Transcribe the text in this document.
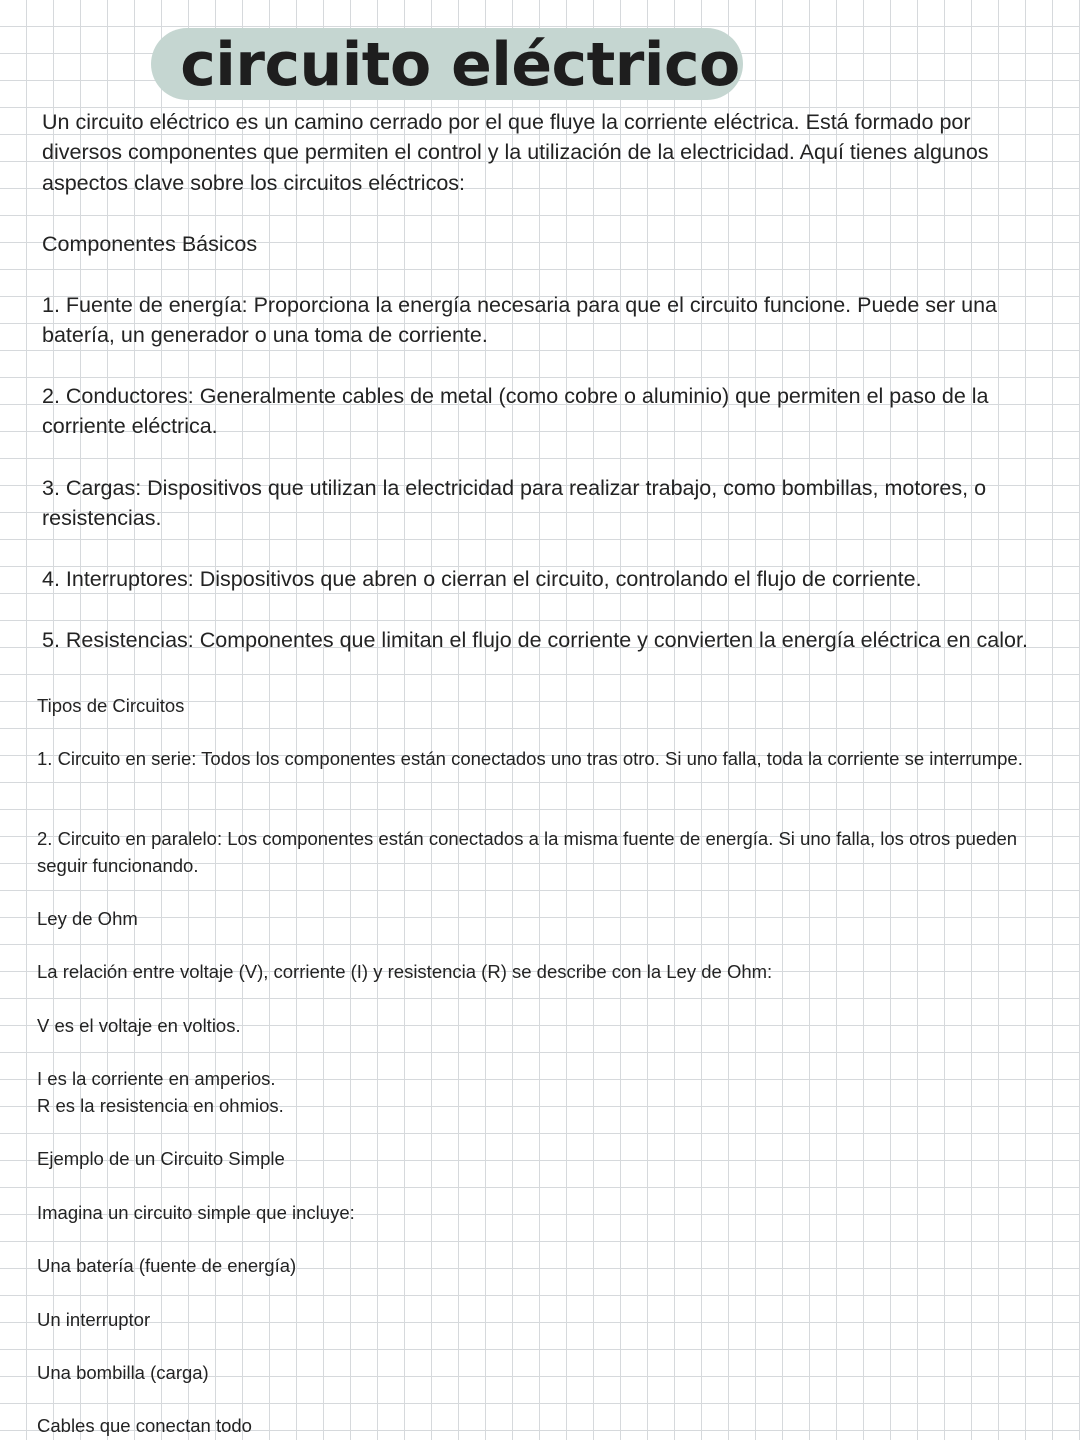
circuito eléctrico

Un circuito eléctrico es un camino cerrado por el que fluye la corriente eléctrica. Está formado por diversos componentes que permiten el control y la utilización de la electricidad. Aquí tienes algunos aspectos clave sobre los circuitos eléctricos:

Componentes Básicos

1. Fuente de energía: Proporciona la energía necesaria para que el circuito funcione. Puede ser una batería, un generador o una toma de corriente.

2. Conductores: Generalmente cables de metal (como cobre o aluminio) que permiten el paso de la corriente eléctrica.

3. Cargas: Dispositivos que utilizan la electricidad para realizar trabajo, como bombillas, motores, o resistencias.

4. Interruptores: Dispositivos que abren o cierran el circuito, controlando el flujo de corriente.

5. Resistencias: Componentes que limitan el flujo de corriente y convierten la energía eléctrica en calor.

Tipos de Circuitos

1. Circuito en serie: Todos los componentes están conectados uno tras otro. Si uno falla, toda la corriente se interrumpe.

2. Circuito en paralelo: Los componentes están conectados a la misma fuente de energía. Si uno falla, los otros pueden seguir funcionando.

Ley de Ohm

La relación entre voltaje (V), corriente (I) y resistencia (R) se describe con la Ley de Ohm:

V es el voltaje en voltios.

I es la corriente en amperios.

R es la resistencia en ohmios.

Ejemplo de un Circuito Simple

Imagina un circuito simple que incluye:

Una batería (fuente de energía)

Un interruptor

Una bombilla (carga)

Cables que conectan todo
